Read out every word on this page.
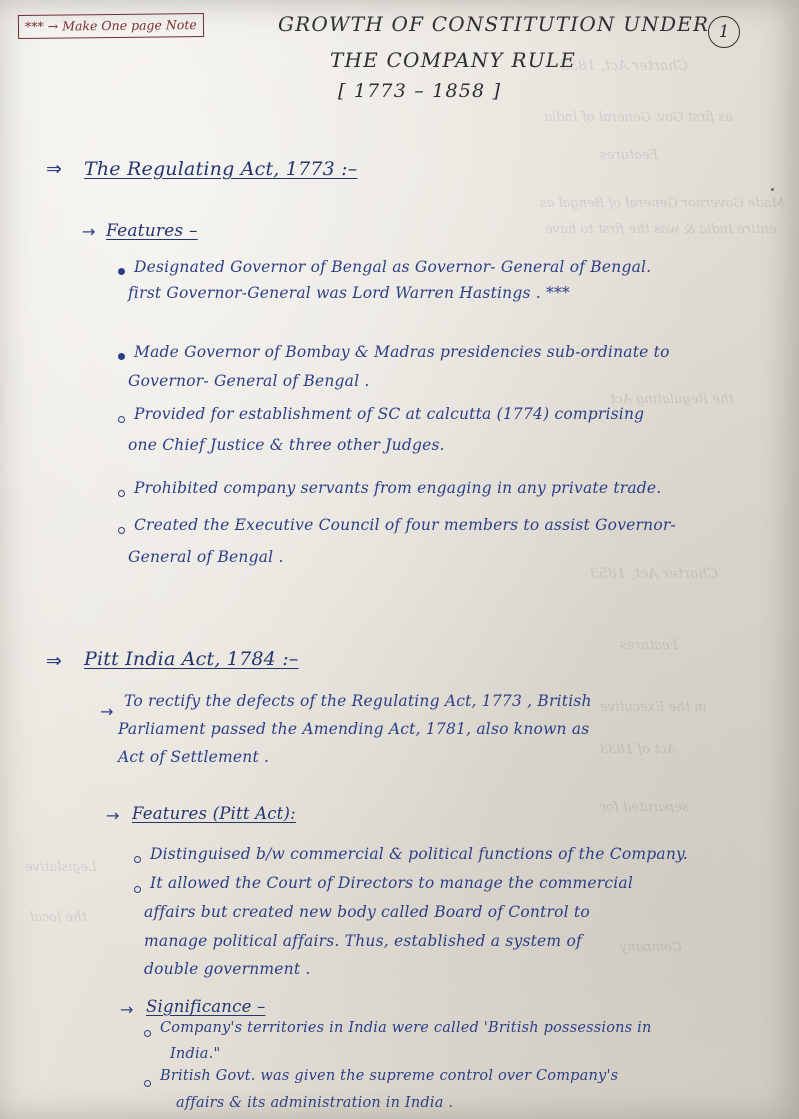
Charter Act, 1833
as first Gov. General of India.
Features
Made Governor General of Bengal as
entire India & was the first to have
the Regulating Act
Charter Act, 1853
Features
in the Executive
Act of 1833
separated for
Legislative
the local
Company
*** → Make One page Note	1
GROWTH OF CONSTITUTION UNDER
THE COMPANY RULE
[ 1773 – 1858 ]
⇒ The Regulating Act, 1773 :–
→ Features –
Designated Governor of Bengal as Governor- General of Bengal.
first Governor-General was Lord Warren Hastings . ***
Made Governor of Bombay & Madras presidencies sub-ordinate to
Governor- General of Bengal .
Provided for establishment of SC at calcutta (1774) comprising
one Chief Justice & three other Judges.
Prohibited company servants from engaging in any private trade.
Created the Executive Council of four members to assist Governor-
General of Bengal .
⇒ Pitt India Act, 1784 :–
→
To rectify the defects of the Regulating Act, 1773 , British
Parliament passed the Amending Act, 1781, also known as
Act of Settlement .
→ Features (Pitt Act):
Distinguised b/w commercial & political functions of the Company.
It allowed the Court of Directors to manage the commercial
affairs but created new body called Board of Control to
manage political affairs. Thus, established a system of
double government .
→ Significance –
Company's territories in India were called 'British possessions in
India."
British Govt. was given the supreme control over Company's
affairs & its administration in India .
